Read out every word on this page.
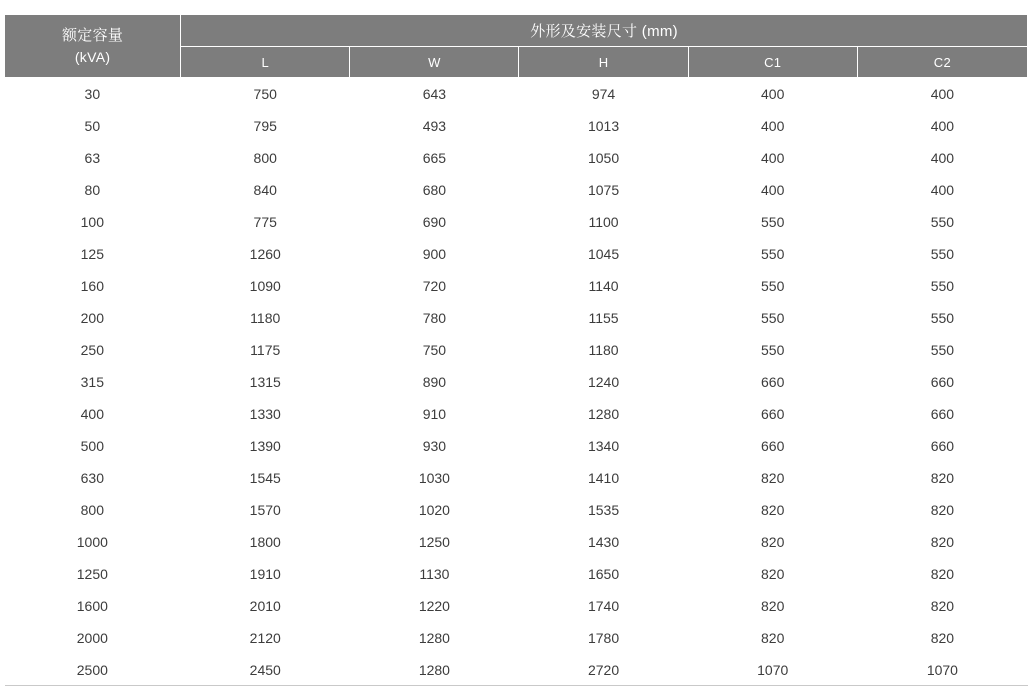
额定容量
(kVA)	外形及安装尺寸 (mm)				
	L	W	H	C1	C2
30	750	643	974	400	400
50	795	493	1013	400	400
63	800	665	1050	400	400
80	840	680	1075	400	400
100	775	690	1100	550	550
125	1260	900	1045	550	550
160	1090	720	1140	550	550
200	1180	780	1155	550	550
250	1175	750	1180	550	550
315	1315	890	1240	660	660
400	1330	910	1280	660	660
500	1390	930	1340	660	660
630	1545	1030	1410	820	820
800	1570	1020	1535	820	820
1000	1800	1250	1430	820	820
1250	1910	1130	1650	820	820
1600	2010	1220	1740	820	820
2000	2120	1280	1780	820	820
2500	2450	1280	2720	1070	1070
